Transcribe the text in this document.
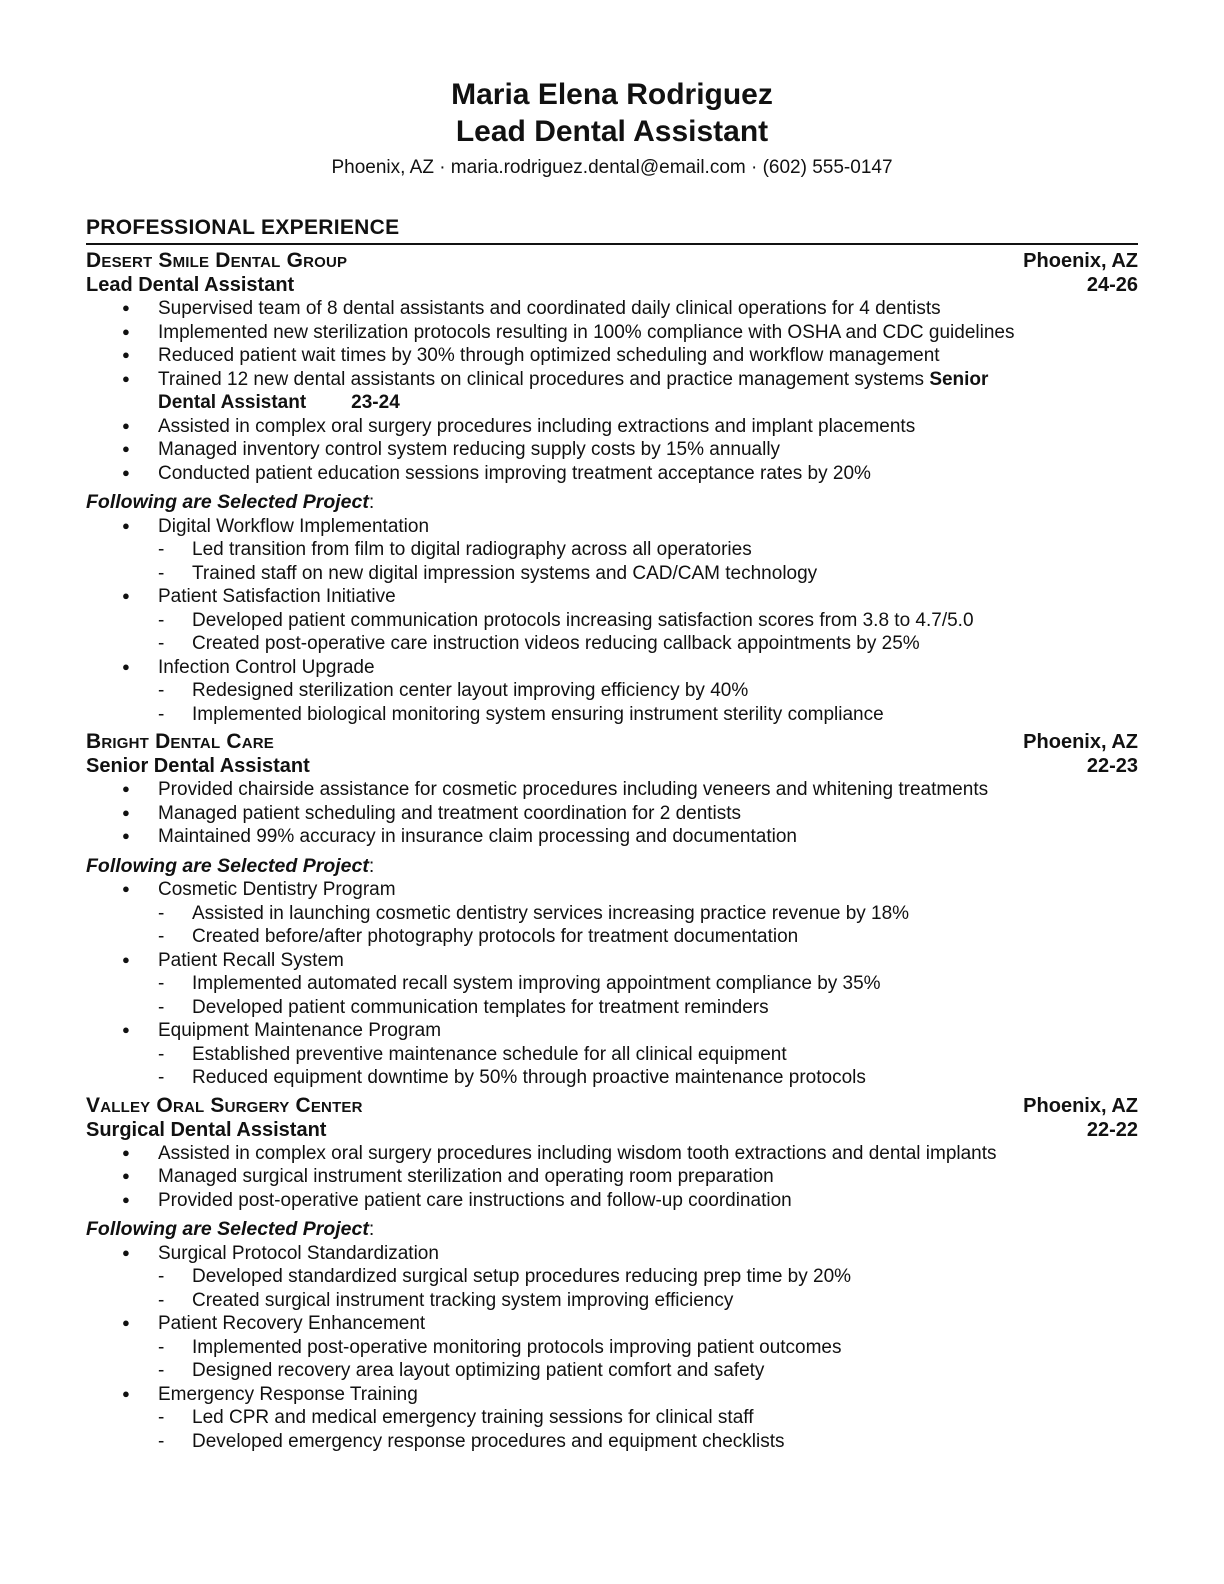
Maria Elena Rodriguez
Lead Dental Assistant
Phoenix, AZ · maria.rodriguez.dental@email.com · (602) 555-0147
PROFESSIONAL EXPERIENCE
Desert Smile Dental Group	Phoenix, AZ
Lead Dental Assistant	24-26
● Supervised team of 8 dental assistants and coordinated daily clinical operations for 4 dentists
● Implemented new sterilization protocols resulting in 100% compliance with OSHA and CDC guidelines
● Reduced patient wait times by 30% through optimized scheduling and workflow management
● Trained 12 new dental assistants on clinical procedures and practice management systems Senior
Dental Assistant 23-24
● Assisted in complex oral surgery procedures including extractions and implant placements
● Managed inventory control system reducing supply costs by 15% annually
● Conducted patient education sessions improving treatment acceptance rates by 20%
Following are Selected Project:
● Digital Workflow Implementation
- Led transition from film to digital radiography across all operatories
- Trained staff on new digital impression systems and CAD/CAM technology
● Patient Satisfaction Initiative
- Developed patient communication protocols increasing satisfaction scores from 3.8 to 4.7/5.0
- Created post-operative care instruction videos reducing callback appointments by 25%
● Infection Control Upgrade
- Redesigned sterilization center layout improving efficiency by 40%
- Implemented biological monitoring system ensuring instrument sterility compliance
Bright Dental Care	Phoenix, AZ
Senior Dental Assistant	22-23
● Provided chairside assistance for cosmetic procedures including veneers and whitening treatments
● Managed patient scheduling and treatment coordination for 2 dentists
● Maintained 99% accuracy in insurance claim processing and documentation
Following are Selected Project:
● Cosmetic Dentistry Program
- Assisted in launching cosmetic dentistry services increasing practice revenue by 18%
- Created before/after photography protocols for treatment documentation
● Patient Recall System
- Implemented automated recall system improving appointment compliance by 35%
- Developed patient communication templates for treatment reminders
● Equipment Maintenance Program
- Established preventive maintenance schedule for all clinical equipment
- Reduced equipment downtime by 50% through proactive maintenance protocols
Valley Oral Surgery Center	Phoenix, AZ
Surgical Dental Assistant	22-22
● Assisted in complex oral surgery procedures including wisdom tooth extractions and dental implants
● Managed surgical instrument sterilization and operating room preparation
● Provided post-operative patient care instructions and follow-up coordination
Following are Selected Project:
● Surgical Protocol Standardization
- Developed standardized surgical setup procedures reducing prep time by 20%
- Created surgical instrument tracking system improving efficiency
● Patient Recovery Enhancement
- Implemented post-operative monitoring protocols improving patient outcomes
- Designed recovery area layout optimizing patient comfort and safety
● Emergency Response Training
- Led CPR and medical emergency training sessions for clinical staff
- Developed emergency response procedures and equipment checklists
